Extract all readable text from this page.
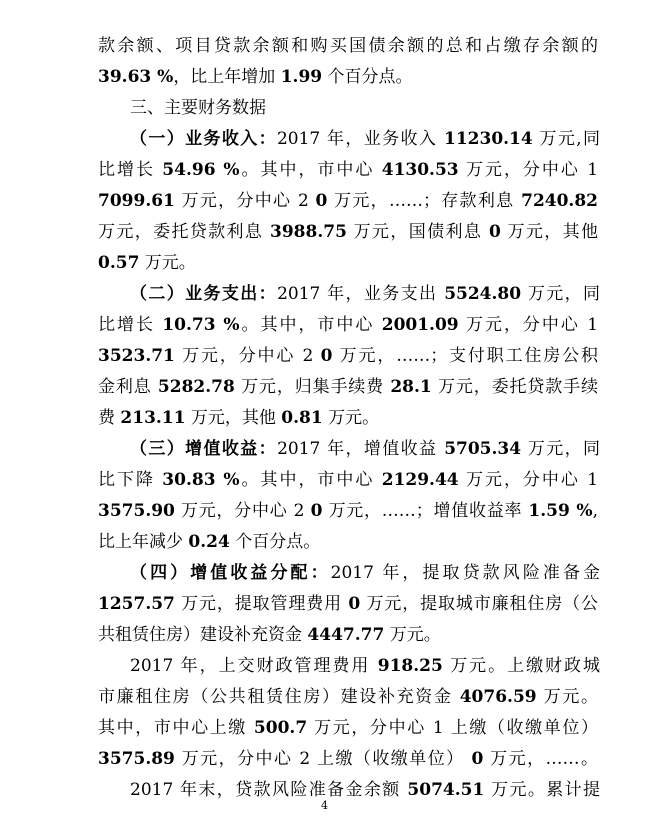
款余额、项目贷款余额和购买国债余额的总和占缴存余额的
39.63 %，比上年增加 1.99 个百分点。
三、主要财务数据
（一）业务收入：2017 年，业务收入 11230.14 万元,同
比增长 54.96 %。其中，市中心 4130.53 万元，分中心 1
7099.61 万元，分中心 2 0 万元，……；存款利息 7240.82
万元，委托贷款利息 3988.75 万元，国债利息 0 万元，其他
0.57 万元。
（二）业务支出：2017 年，业务支出 5524.80 万元，同
比增长 10.73 %。其中，市中心 2001.09 万元，分中心 1
3523.71 万元，分中心 2 0 万元，……；支付职工住房公积
金利息 5282.78 万元，归集手续费 28.1 万元，委托贷款手续
费 213.11 万元，其他 0.81 万元。
（三）增值收益：2017 年，增值收益 5705.34 万元，同
比下降 30.83 %。其中，市中心 2129.44 万元，分中心 1
3575.90 万元，分中心 2 0 万元，……；增值收益率 1.59 %,
比上年减少 0.24 个百分点。
（四）增值收益分配：2017 年，提取贷款风险准备金
1257.57 万元，提取管理费用 0 万元，提取城市廉租住房（公
共租赁住房）建设补充资金 4447.77 万元。
2017 年，上交财政管理费用 918.25 万元。上缴财政城
市廉租住房（公共租赁住房）建设补充资金 4076.59 万元。
其中，市中心上缴 500.7 万元，分中心 1 上缴（收缴单位）
3575.89 万元，分中心 2 上缴（收缴单位） 0 万元，……。
2017 年末，贷款风险准备金余额 5074.51 万元。累计提
4
